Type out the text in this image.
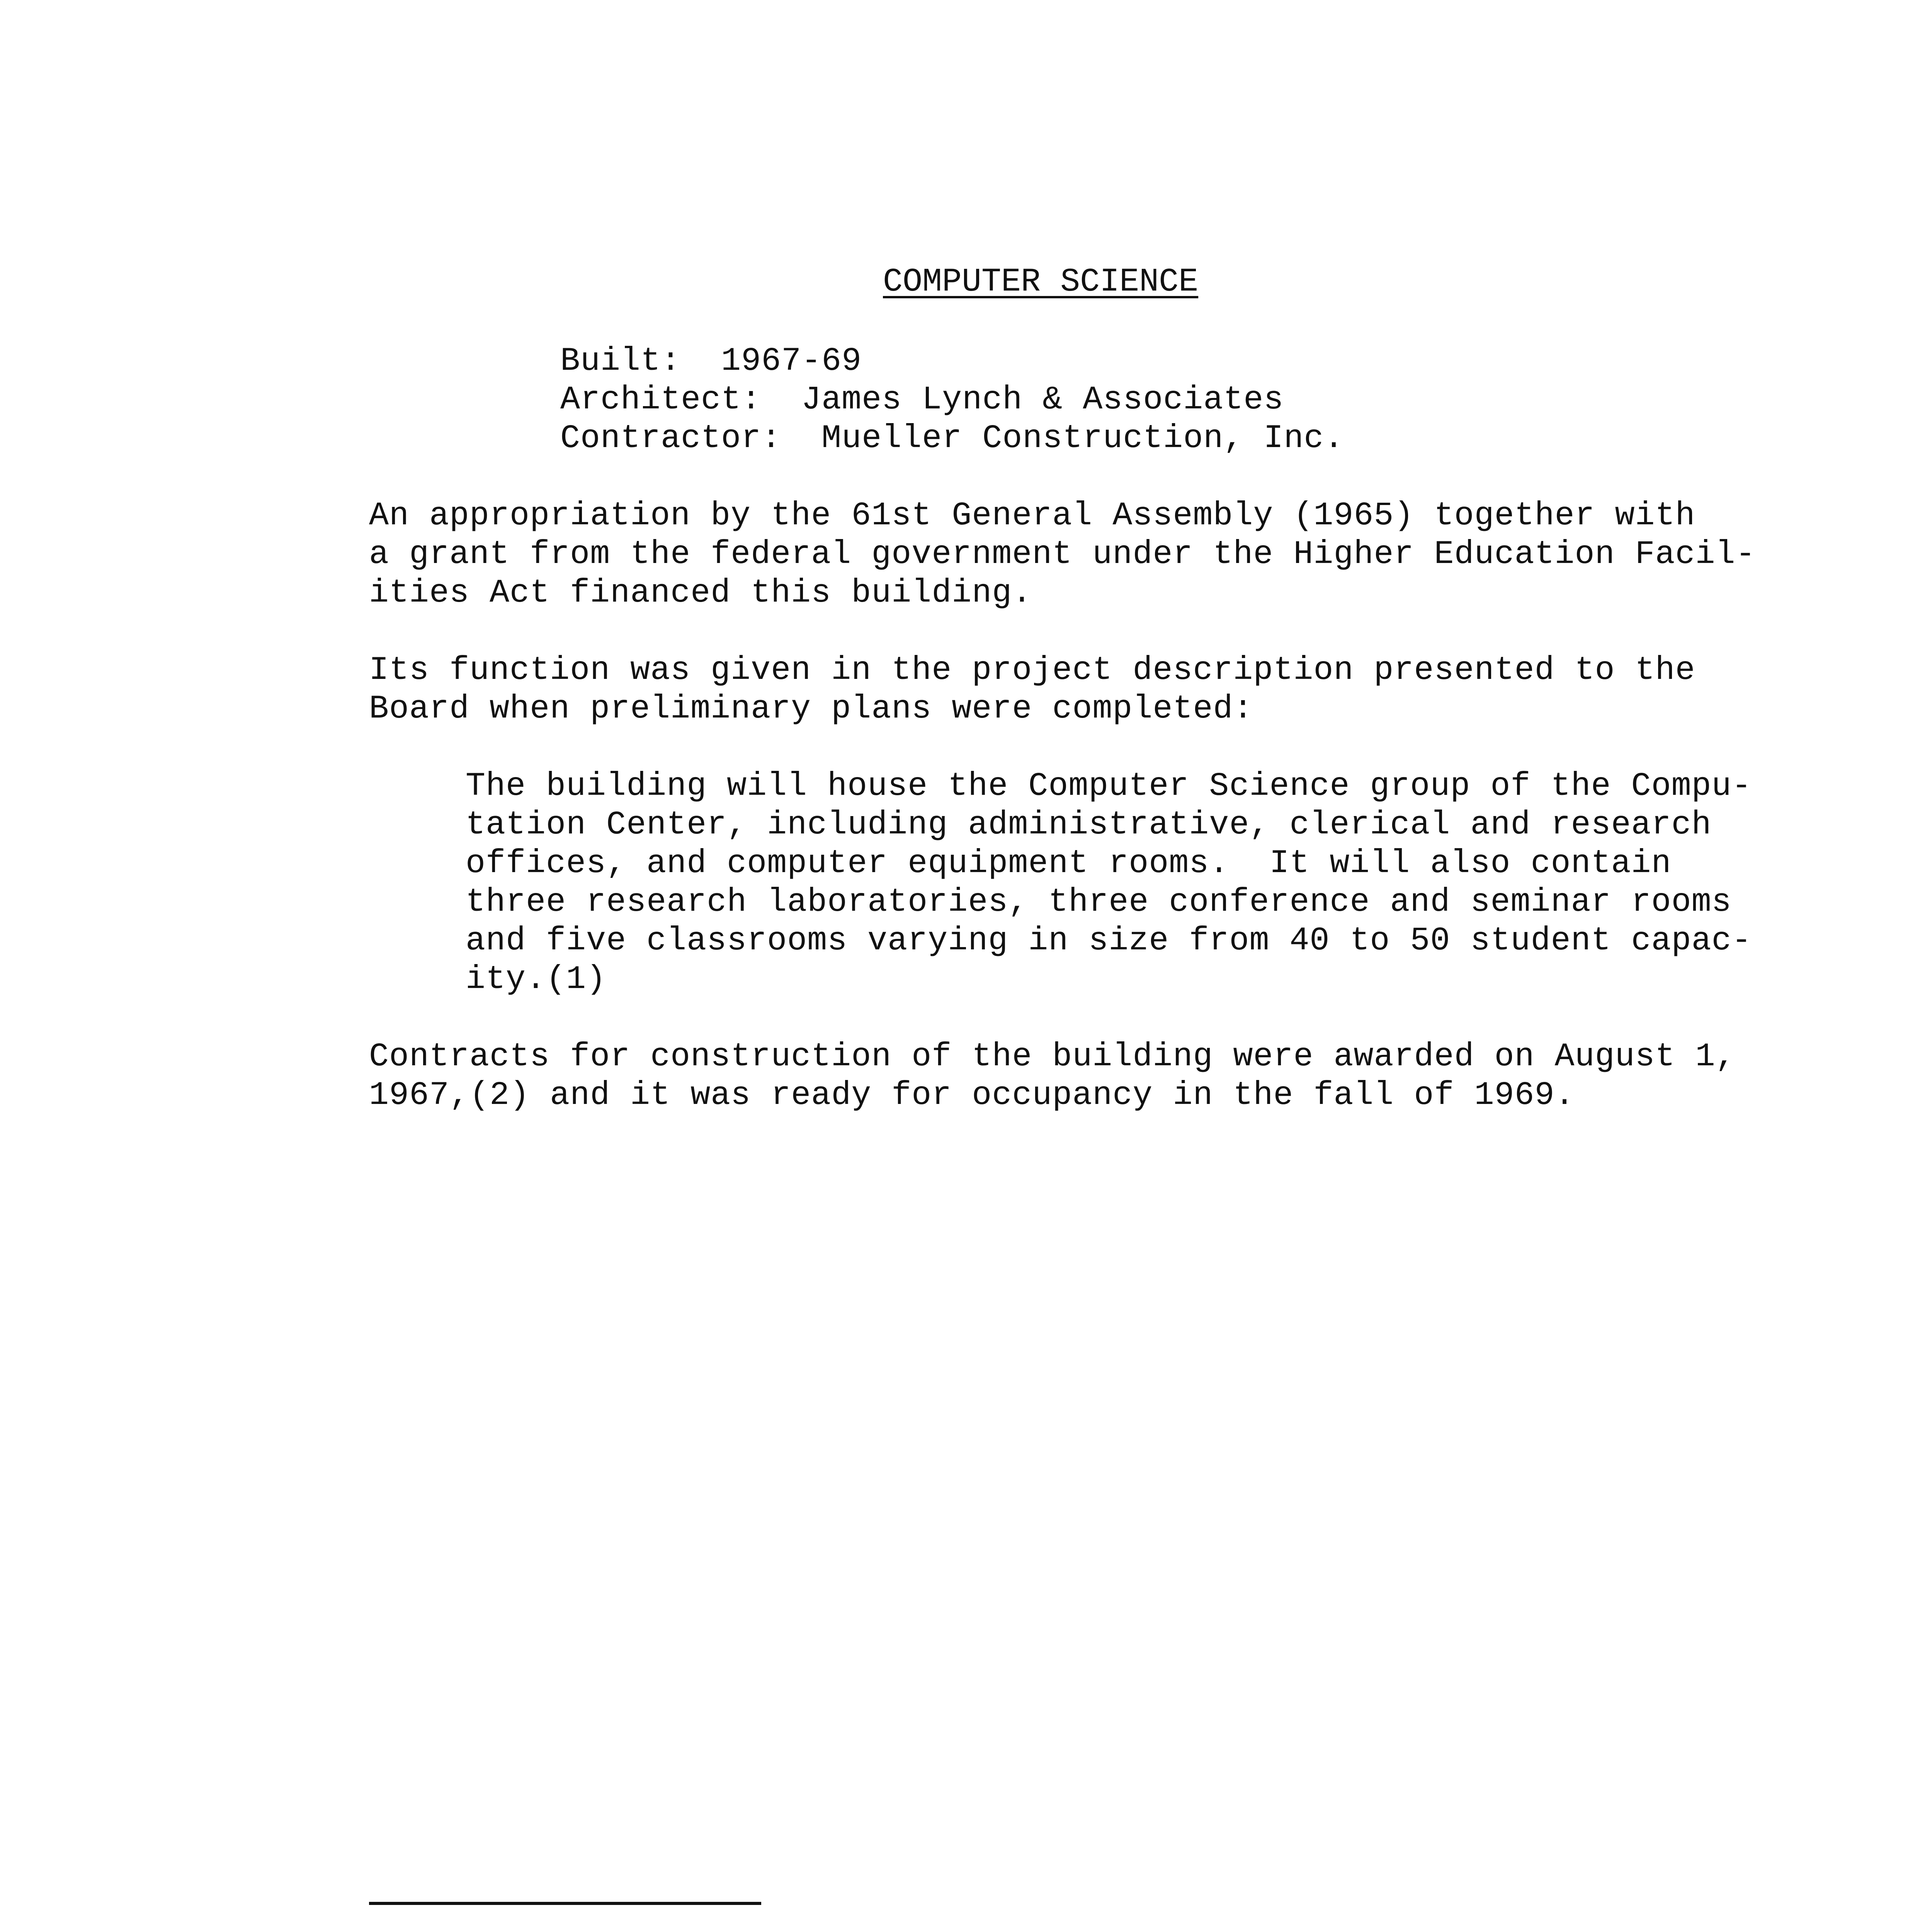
COMPUTER SCIENCE
Built: 1967-69
Architect: James Lynch & Associates
Contractor: Mueller Construction, Inc.
An appropriation by the 61st General Assembly (1965) together with
a grant from the federal government under the Higher Education Facil-
ities Act financed this building.
Its function was given in the project description presented to the
Board when preliminary plans were completed:
The building will house the Computer Science group of the Compu-
tation Center, including administrative, clerical and research
offices, and computer equipment rooms.  It will also contain
three research laboratories, three conference and seminar rooms
and five classrooms varying in size from 40 to 50 student capac-
ity.(1)
Contracts for construction of the building were awarded on August 1,
1967,(2) and it was ready for occupancy in the fall of 1969.
